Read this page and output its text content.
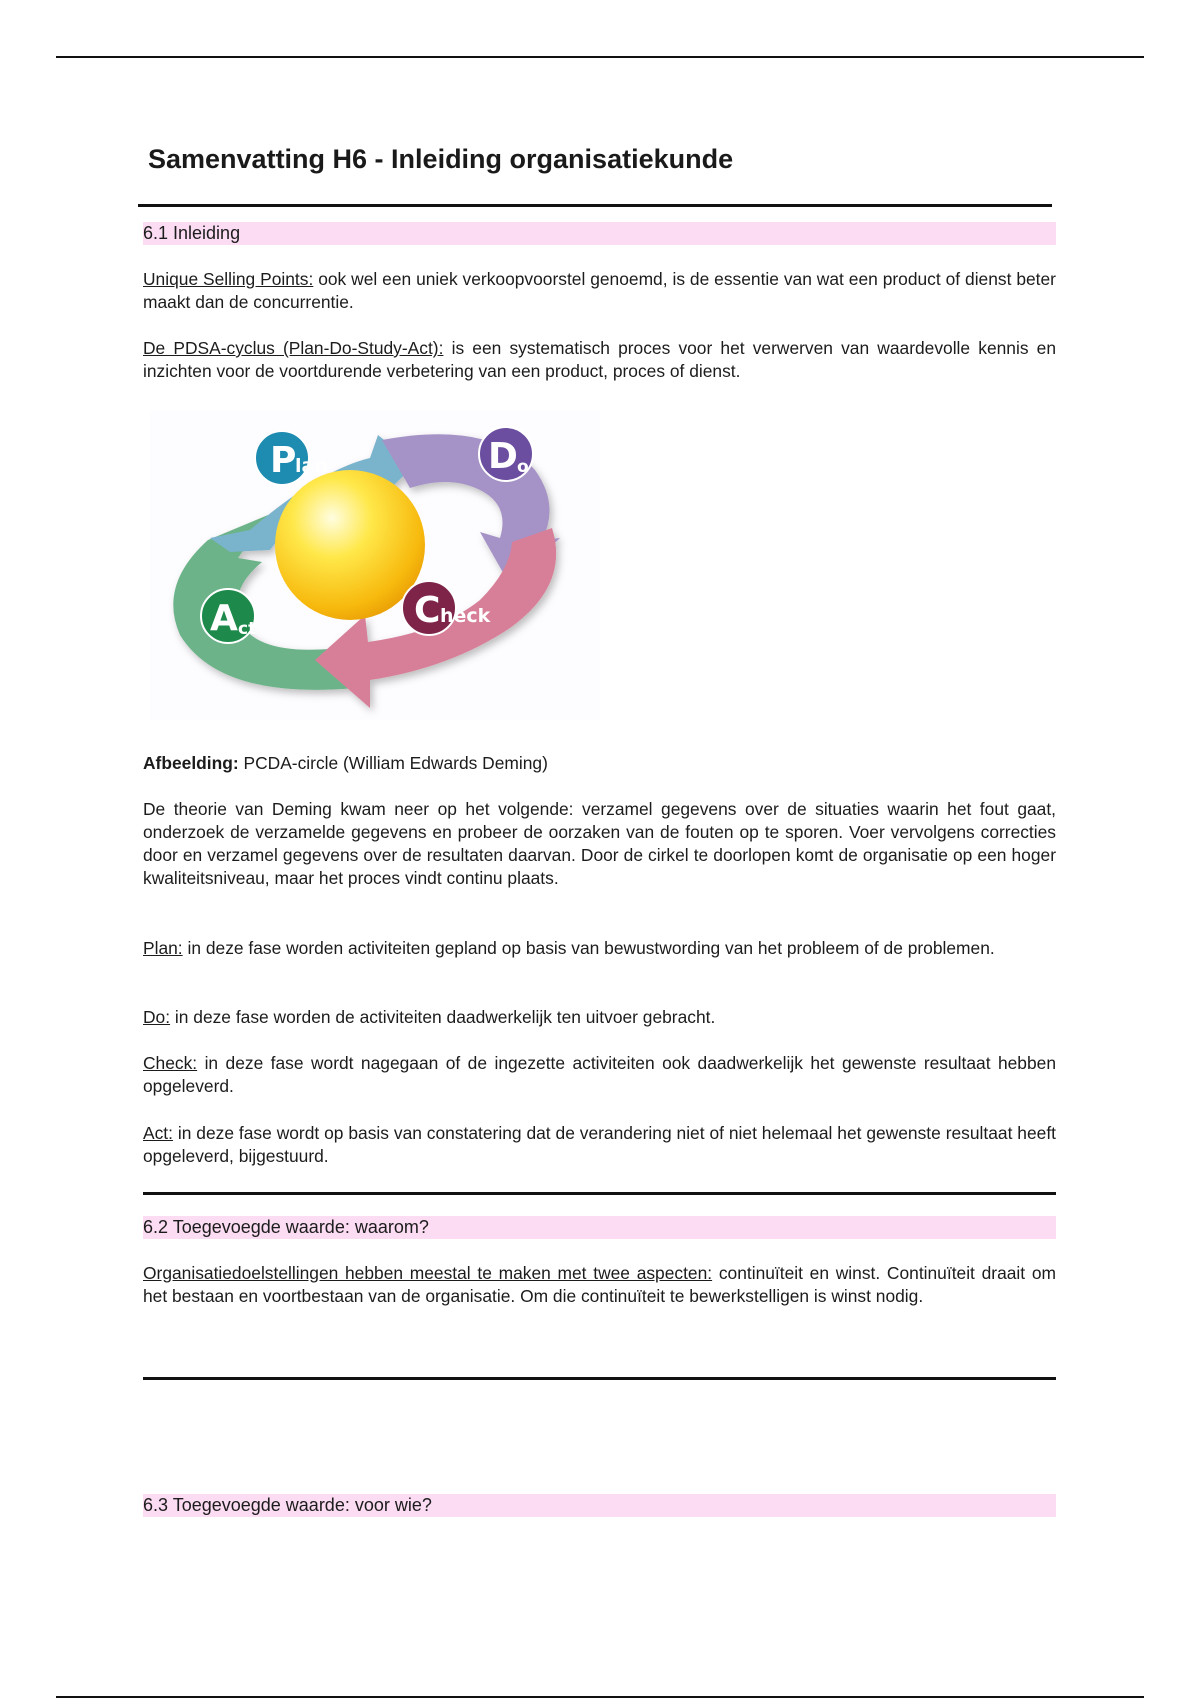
Samenvatting H6 - Inleiding organisatiekunde
6.1 Inleiding

Unique Selling Points: ook wel een uniek verkoopvoorstel genoemd, is de essentie van wat een product of dienst beter maakt dan de concurrentie.

De PDSA-cyclus (Plan-Do-Study-Act): is een systematisch proces voor het verwerven van waardevolle kennis en inzichten voor de voortdurende verbetering van een product, proces of dienst.

P
lan	D o
C heck
A ct

Afbeelding: PCDA-circle (William Edwards Deming)

De theorie van Deming kwam neer op het volgende: verzamel gegevens over de situaties waarin het fout gaat, onderzoek de verzamelde gegevens en probeer de oorzaken van de fouten op te sporen. Voer vervolgens correcties door en verzamel gegevens over de resultaten daarvan. Door de cirkel te doorlopen komt de organisatie op een hoger kwaliteitsniveau, maar het proces vindt continu plaats.

Plan: in deze fase worden activiteiten gepland op basis van bewustwording van het probleem of de problemen.

Do: in deze fase worden de activiteiten daadwerkelijk ten uitvoer gebracht.

Check: in deze fase wordt nagegaan of de ingezette activiteiten ook daadwerkelijk het gewenste resultaat hebben opgeleverd.

Act: in deze fase wordt op basis van constatering dat de verandering niet of niet helemaal het gewenste resultaat heeft opgeleverd, bijgestuurd.

6.2 Toegevoegde waarde: waarom?

Organisatiedoelstellingen hebben meestal te maken met twee aspecten: continuïteit en winst. Continuïteit draait om het bestaan en voortbestaan van de organisatie. Om die continuïteit te bewerkstelligen is winst nodig.

6.3 Toegevoegde waarde: voor wie?
